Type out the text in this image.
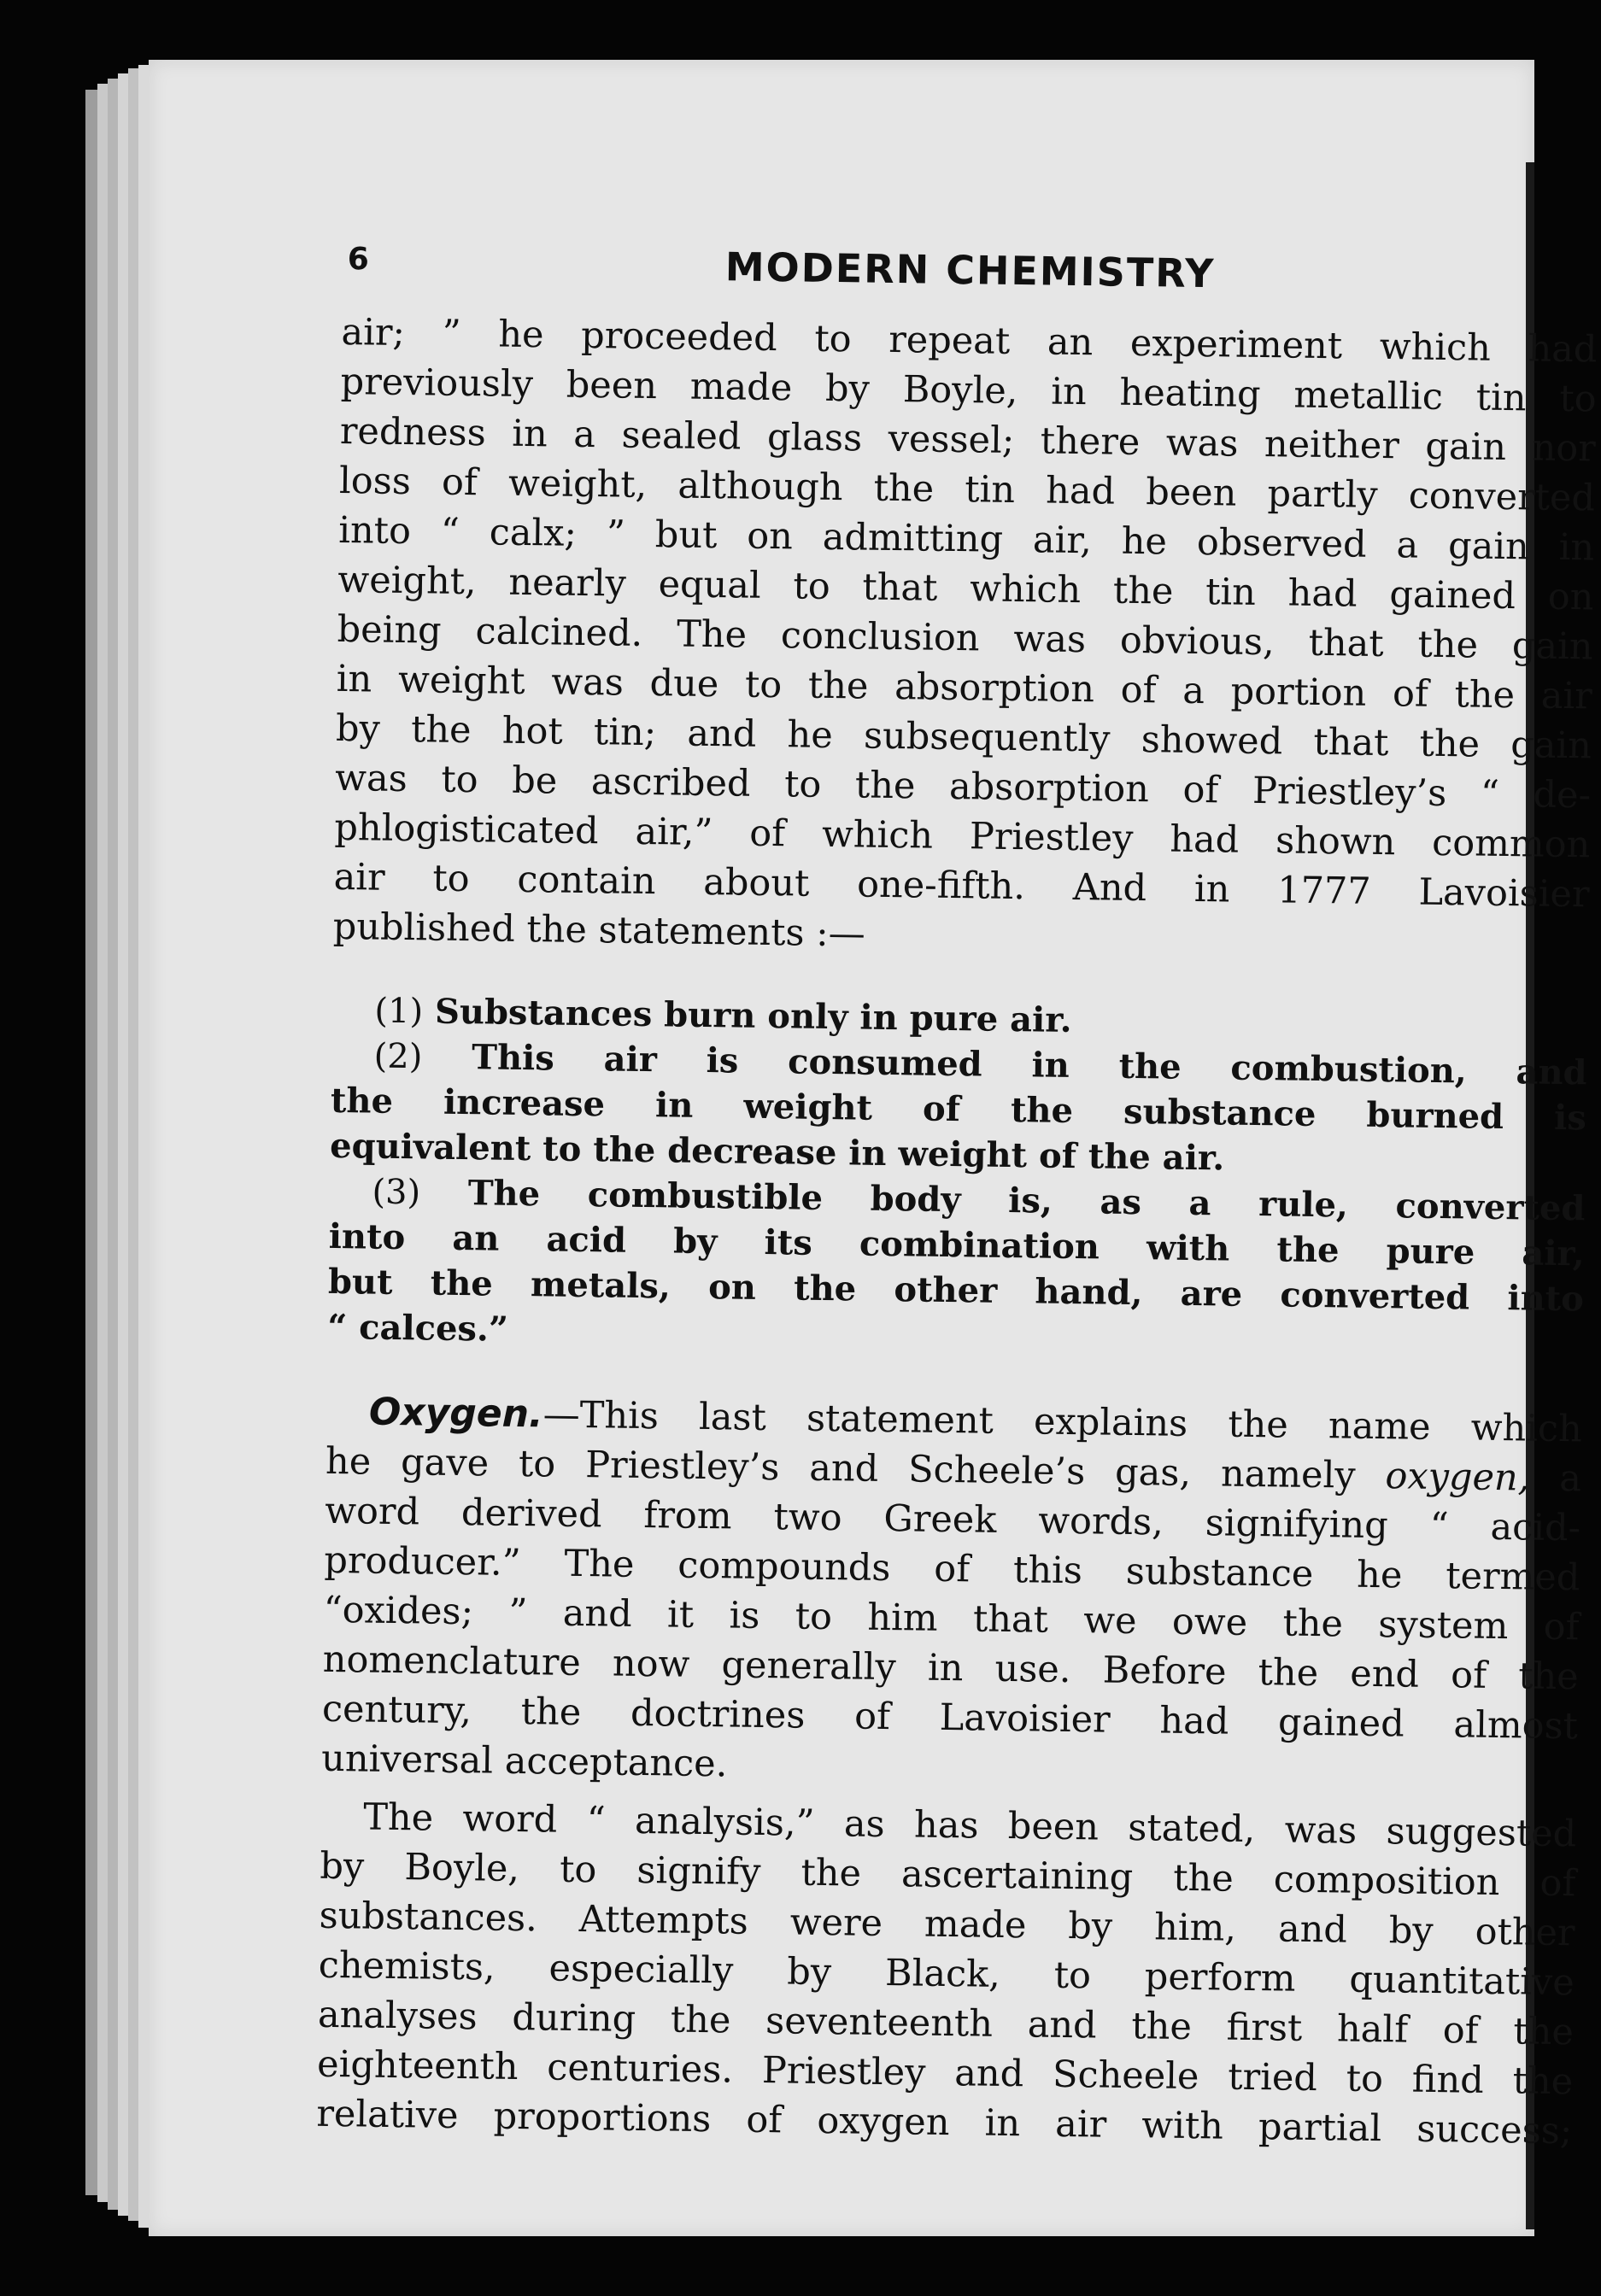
6	MODERN CHEMISTRY
air; ” he proceeded to repeat an experiment which had
previously been made by Boyle, in heating metallic tin to
redness in a sealed glass vessel; there was neither gain nor
loss of weight, although the tin had been partly converted
into “ calx; ” but on admitting air, he observed a gain in
weight, nearly equal to that which the tin had gained on
being calcined. The conclusion was obvious, that the gain
in weight was due to the absorption of a portion of the air
by the hot tin; and he subsequently showed that the gain
was to be ascribed to the absorption of Priestley’s “ de-
phlogisticated air,” of which Priestley had shown common
air to contain about one-fifth. And in 1777 Lavoisier
published the statements :—
(1) Substances burn only in pure air.
(2) This air is consumed in the combustion, and
the increase in weight of the substance burned is
equivalent to the decrease in weight of the air.
(3) The combustible body is, as a rule, converted
into an acid by its combination with the pure air,
but the metals, on the other hand, are converted into
“ calces.”
Oxygen.—This last statement explains the name which
he gave to Priestley’s and Scheele’s gas, namely oxygen, a
word derived from two Greek words, signifying “ acid-
producer.” The compounds of this substance he termed
“oxides; ” and it is to him that we owe the system of
nomenclature now generally in use. Before the end of the
century, the doctrines of Lavoisier had gained almost
universal acceptance.
The word “ analysis,” as has been stated, was suggested
by Boyle, to signify the ascertaining the composition of
substances. Attempts were made by him, and by other
chemists, especially by Black, to perform quantitative
analyses during the seventeenth and the first half of the
eighteenth centuries. Priestley and Scheele tried to find the
relative proportions of oxygen in air with partial success;
